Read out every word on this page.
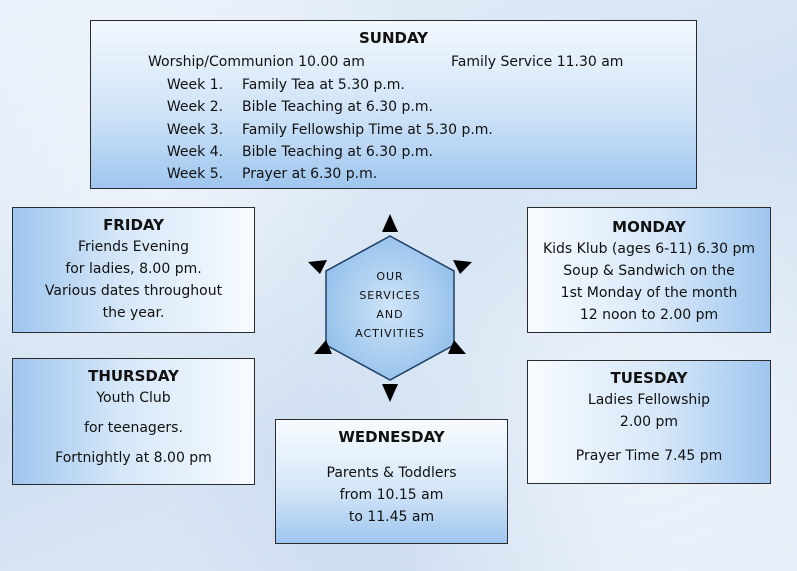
SUNDAY
Worship/Communion 10.00 am	Family Service 11.30 am
Week 1. Family Tea at 5.30 p.m.
Week 2. Bible Teaching at 6.30 p.m.
Week 3. Family Fellowship Time at 5.30 p.m.
Week 4. Bible Teaching at 6.30 p.m.
Week 5. Prayer at 6.30 p.m.
FRIDAY
Friends Evening
for ladies, 8.00 pm.
Various dates throughout
the year.
MONDAY
Kids Klub (ages 6-11) 6.30 pm
Soup & Sandwich on the
1st Monday of the month
12 noon to 2.00 pm
THURSDAY
Youth Club
for teenagers.
Fortnightly at 8.00 pm
TUESDAY
Ladies Fellowship
2.00 pm
Prayer Time 7.45 pm
WEDNESDAY
Parents & Toddlers
from 10.15 am
to 11.45 am
OUR
SERVICES
AND
ACTIVITIES
